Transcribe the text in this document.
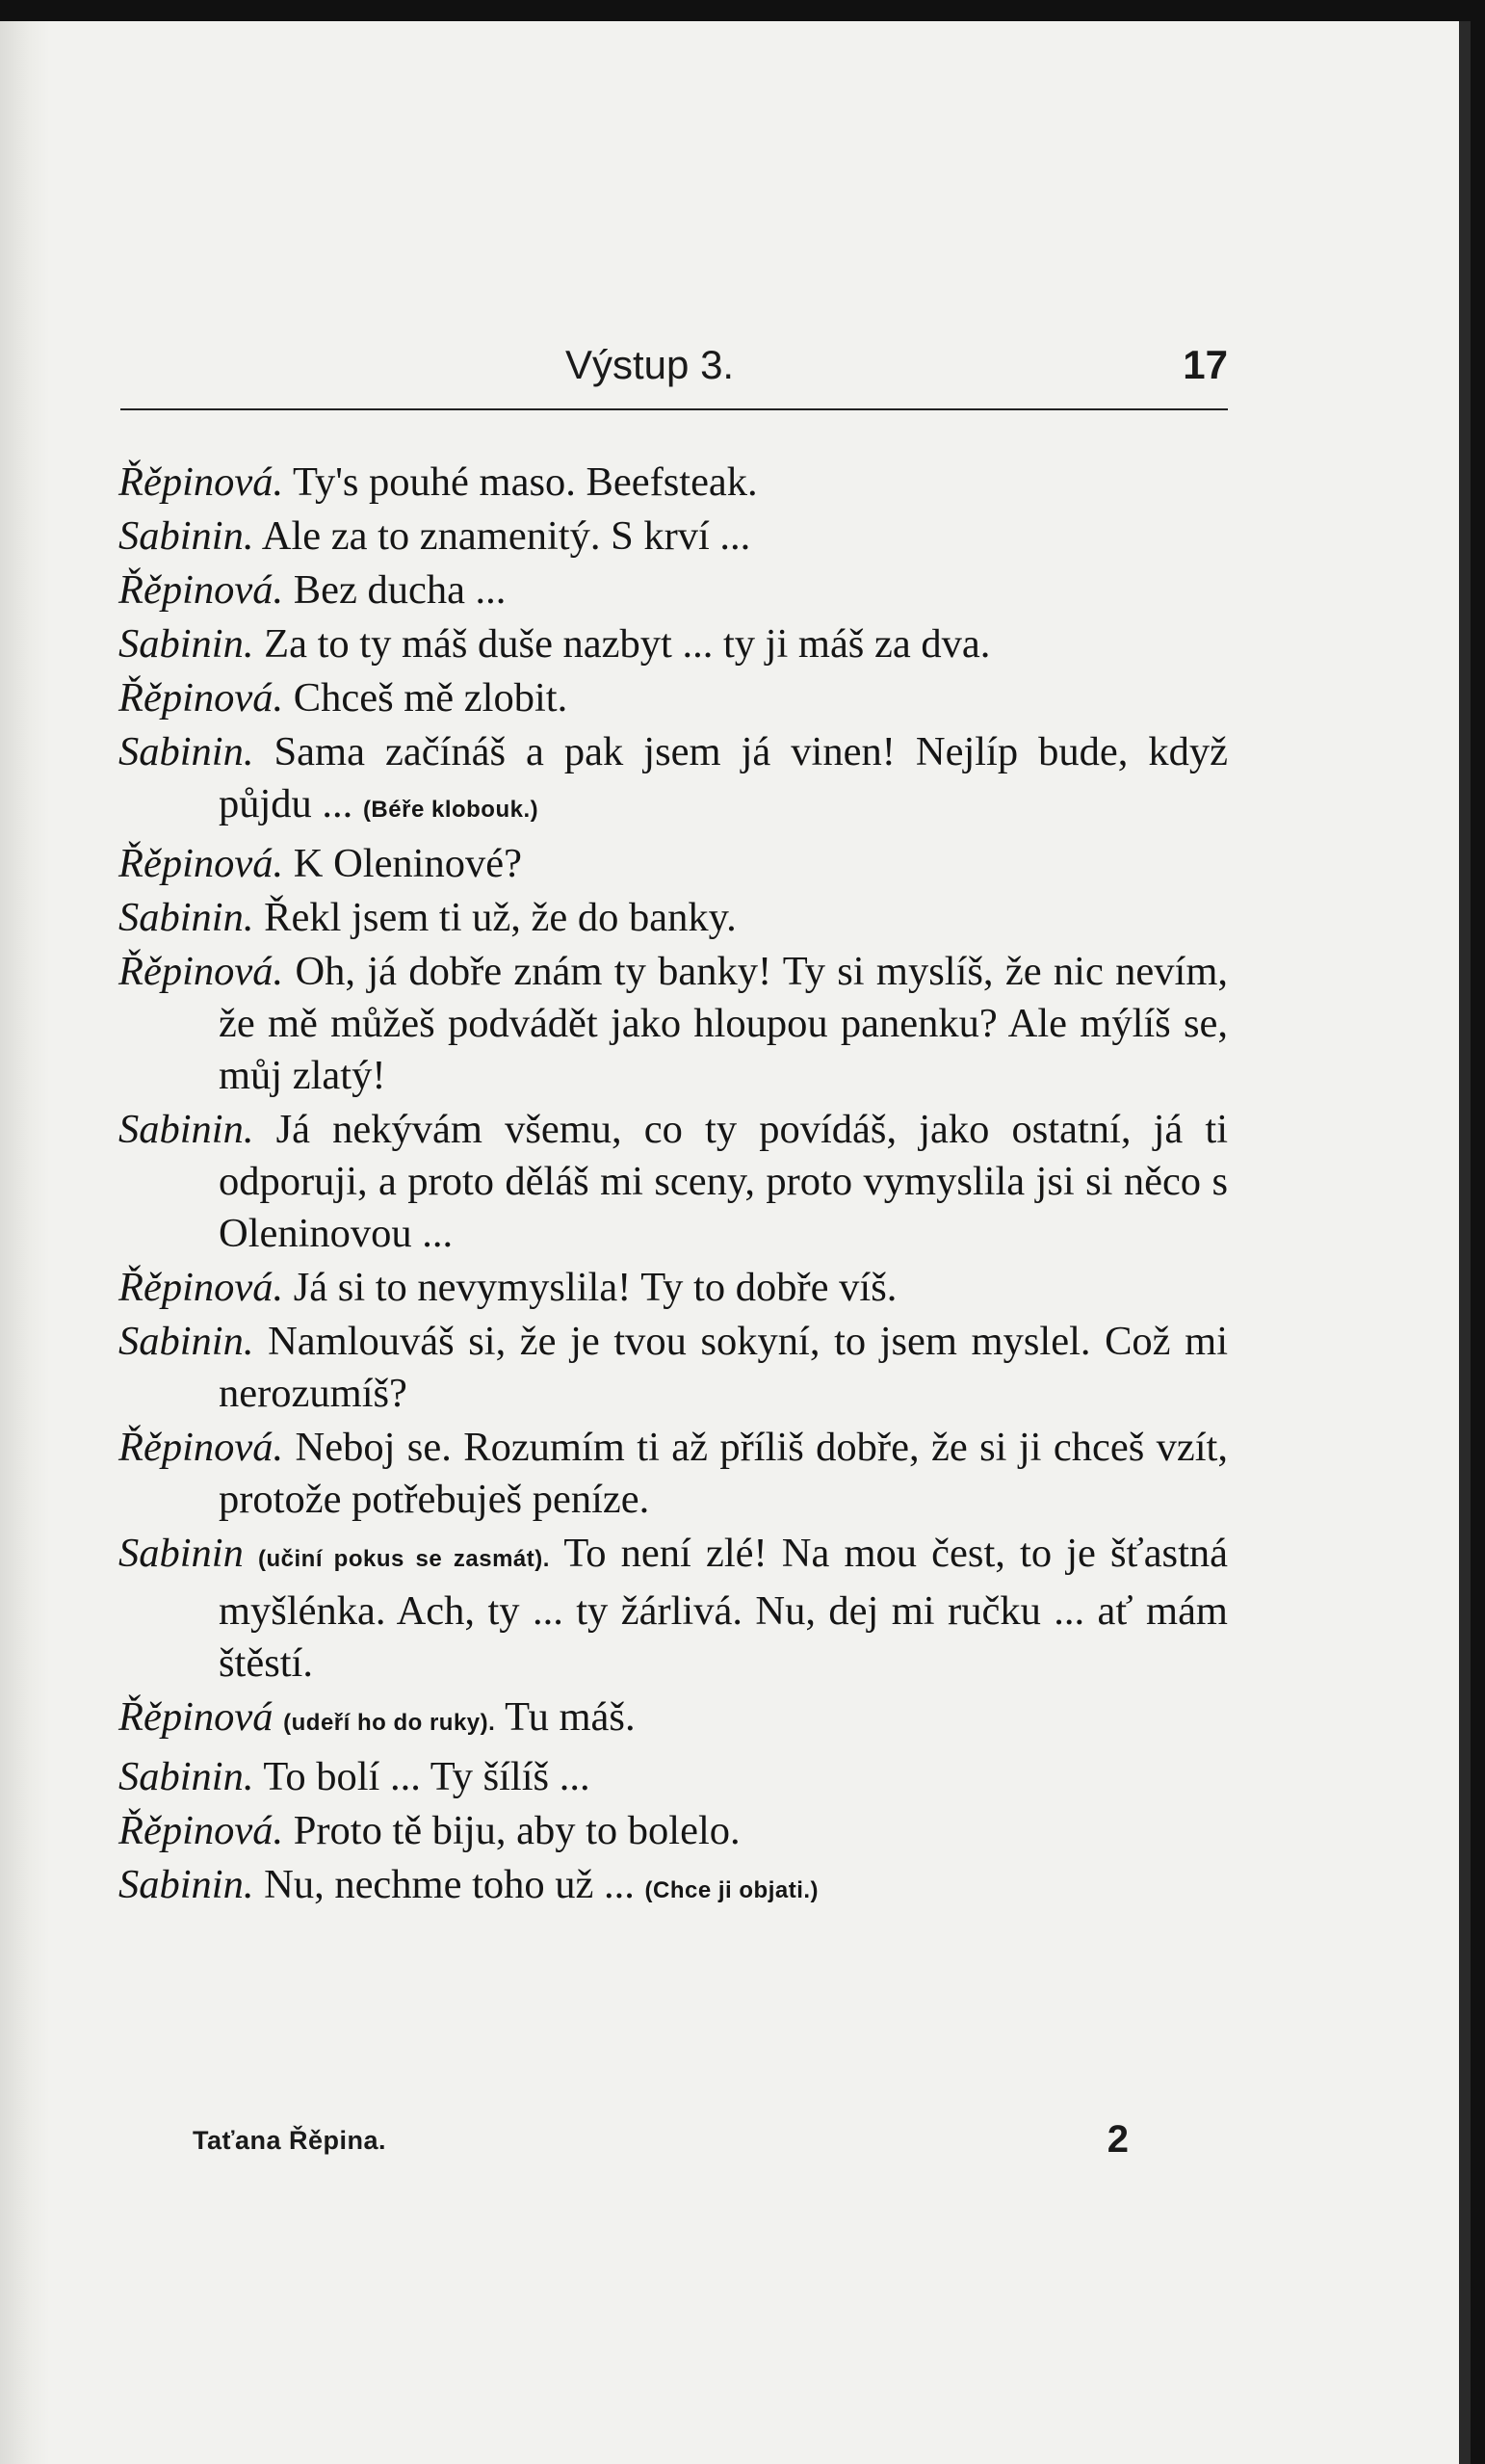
Výstup 3.	17

Řěpinová. Ty's pouhé maso. Beefsteak.

Sabinin. Ale za to znamenitý. S krví ...

Řěpinová. Bez ducha ...

Sabinin. Za to ty máš duše nazbyt ... ty ji máš za dva.

Řěpinová. Chceš mě zlobit.

Sabinin. Sama začínáš a pak jsem já vinen! Nejlíp bude, když půjdu ... (Béře klobouk.)

Řěpinová. K Oleninové?

Sabinin. Řekl jsem ti už, že do banky.

Řěpinová. Oh, já dobře znám ty banky! Ty si myslíš, že nic nevím, že mě můžeš podvádět jako hloupou panenku? Ale mýlíš se, můj zlatý!

Sabinin. Já nekývám všemu, co ty povídáš, jako ostatní, já ti odporuji, a proto děláš mi sceny, proto vymyslila jsi si něco s Oleninovou ...

Řěpinová. Já si to nevymyslila! Ty to dobře víš.

Sabinin. Namlouváš si, že je tvou sokyní, to jsem myslel. Což mi nerozumíš?

Řěpinová. Neboj se. Rozumím ti až příliš dobře, že si ji chceš vzít, protože potřebuješ peníze.

Sabinin (učiní pokus se zasmát). To není zlé! Na mou čest, to je šťastná myšlénka. Ach, ty ... ty žárlivá. Nu, dej mi ručku ... ať mám štěstí.

Řěpinová (udeří ho do ruky). Tu máš.

Sabinin. To bolí ... Ty šílíš ...

Řěpinová. Proto tě biju, aby to bolelo.

Sabinin. Nu, nechme toho už ... (Chce ji objati.)

Taťana Řěpina.	2
